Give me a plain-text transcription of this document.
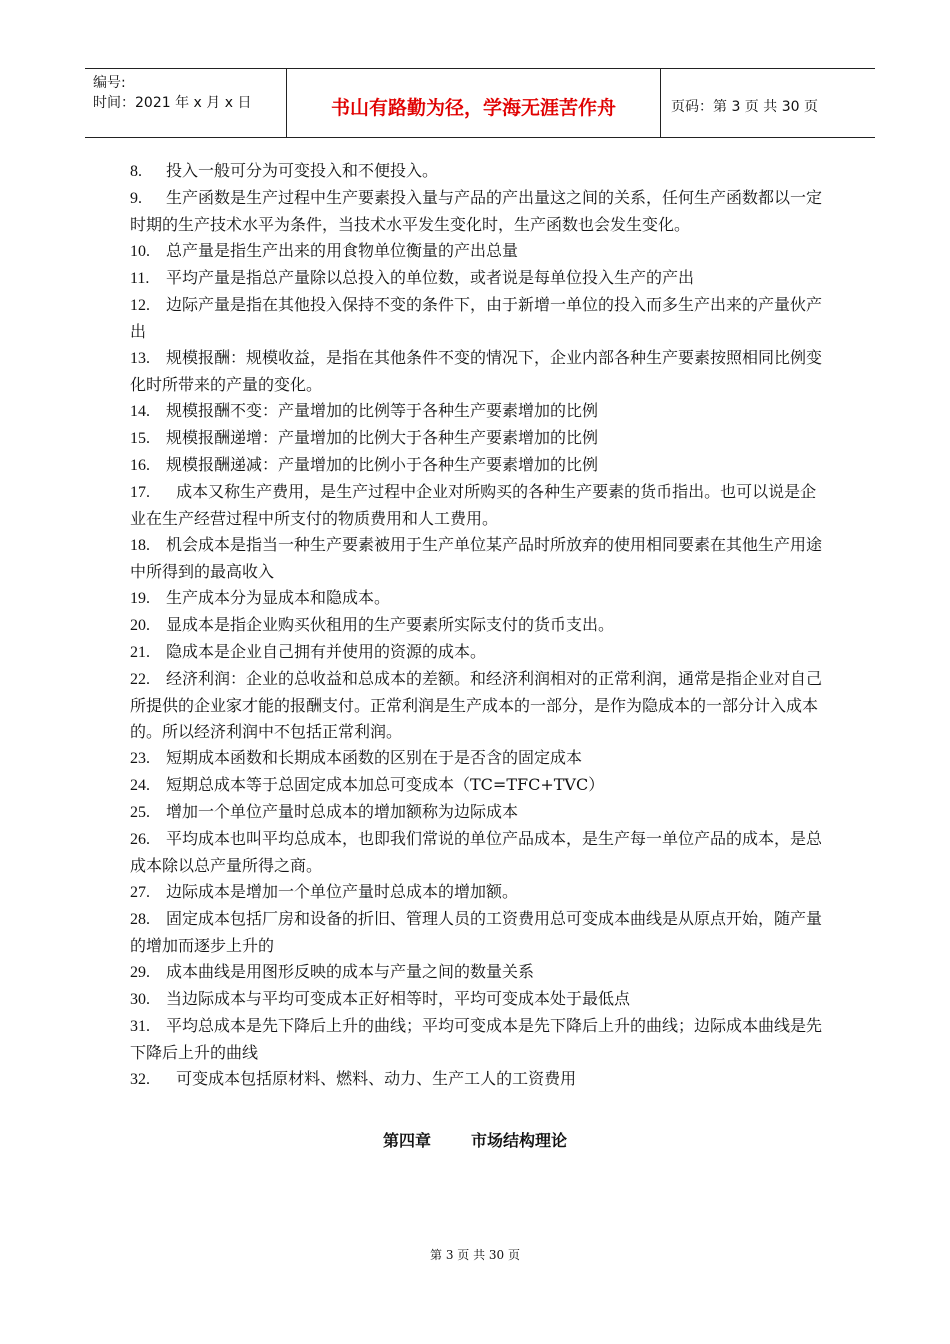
编号:
时间：2021 年 x 月 x 日	书山有路勤为径，学海无涯苦作舟	页码：第 3 页 共 30 页

8. 投入一般可分为可变投入和不便投入。

9. 生产函数是生产过程中生产要素投入量与产品的产出量这之间的关系，任何生产函数都以一定时期的生产技术水平为条件，当技术水平发生变化时，生产函数也会发生变化。

10. 总产量是指生产出来的用食物单位衡量的产出总量

11. 平均产量是指总产量除以总投入的单位数，或者说是每单位投入生产的产出

12. 边际产量是指在其他投入保持不变的条件下，由于新增一单位的投入而多生产出来的产量伙产出

13. 规模报酬：规模收益，是指在其他条件不变的情况下，企业内部各种生产要素按照相同比例变化时所带来的产量的变化。

14. 规模报酬不变：产量增加的比例等于各种生产要素增加的比例

15. 规模报酬递增：产量增加的比例大于各种生产要素增加的比例

16. 规模报酬递减：产量增加的比例小于各种生产要素增加的比例

17.  成本又称生产费用，是生产过程中企业对所购买的各种生产要素的货币指出。也可以说是企业在生产经营过程中所支付的物质费用和人工费用。

18. 机会成本是指当一种生产要素被用于生产单位某产品时所放弃的使用相同要素在其他生产用途中所得到的最高收入

19. 生产成本分为显成本和隐成本。

20. 显成本是指企业购买伙租用的生产要素所实际支付的货币支出。

21. 隐成本是企业自己拥有并使用的资源的成本。

22. 经济利润：企业的总收益和总成本的差额。和经济利润相对的正常利润，通常是指企业对自己所提供的企业家才能的报酬支付。正常利润是生产成本的一部分，是作为隐成本的一部分计入成本的。所以经济利润中不包括正常利润。

23. 短期成本函数和长期成本函数的区别在于是否含的固定成本

24. 短期总成本等于总固定成本加总可变成本（TC=TFC+TVC）

25. 增加一个单位产量时总成本的增加额称为边际成本

26. 平均成本也叫平均总成本，也即我们常说的单位产品成本，是生产每一单位产品的成本，是总成本除以总产量所得之商。

27. 边际成本是增加一个单位产量时总成本的增加额。

28. 固定成本包括厂房和设备的折旧、管理人员的工资费用总可变成本曲线是从原点开始，随产量的增加而逐步上升的

29. 成本曲线是用图形反映的成本与产量之间的数量关系

30. 当边际成本与平均可变成本正好相等时，平均可变成本处于最低点

31. 平均总成本是先下降后上升的曲线；平均可变成本是先下降后上升的曲线；边际成本曲线是先下降后上升的曲线

32.  可变成本包括原材料、燃料、动力、生产工人的工资费用

第四章	市场结构理论
第 3 页 共 30 页
